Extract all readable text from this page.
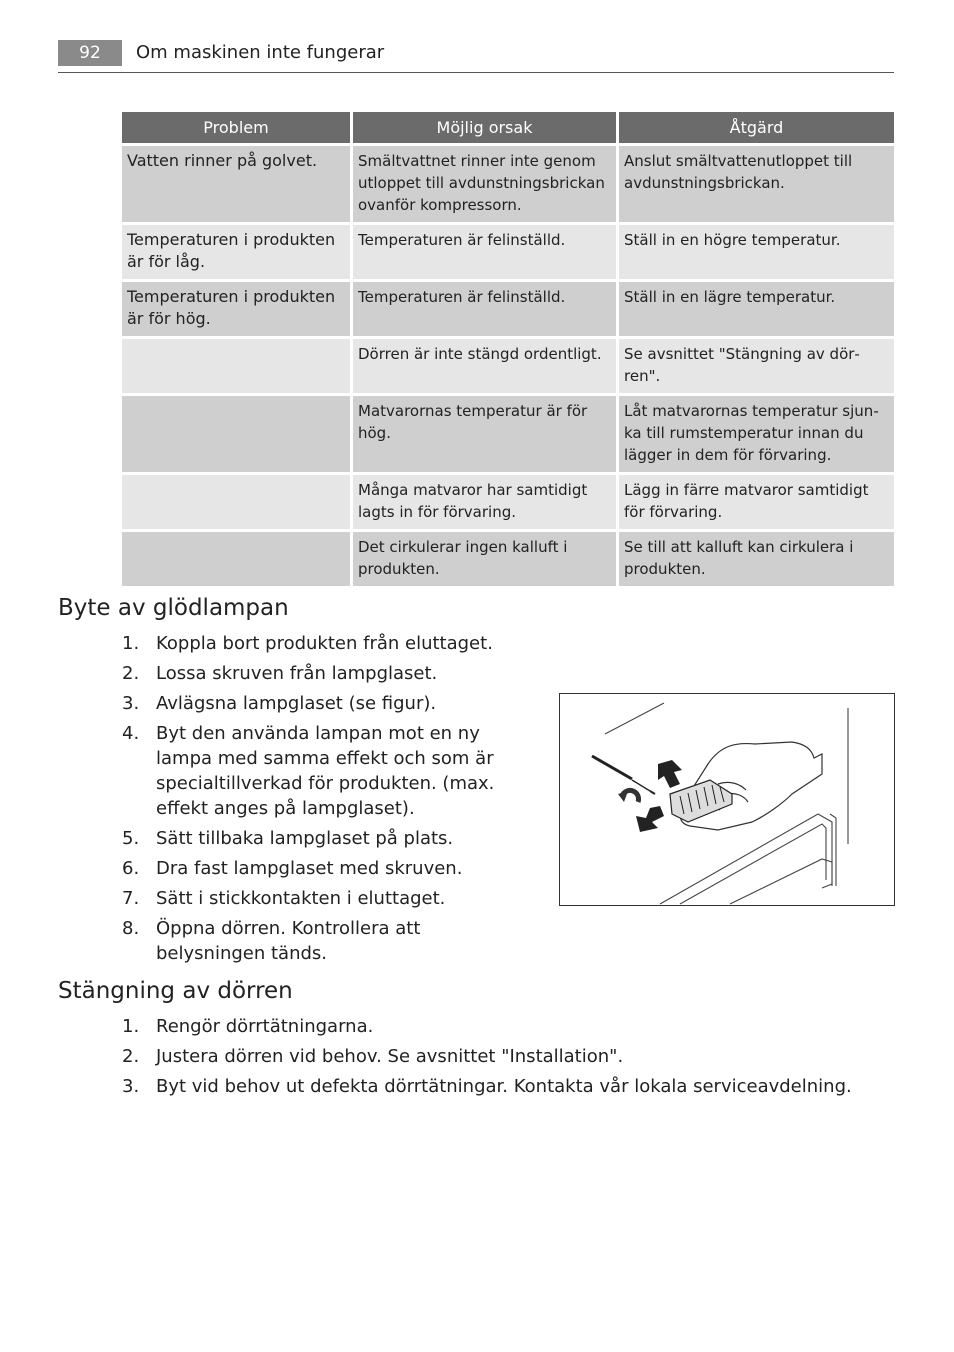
92	Om maskinen inte fungerar
Problem	Möjlig orsak	Åtgärd
Vatten rinner på golvet.	Smältvattnet rinner inte genom utloppet till avdunstningsbrickan ovanför kompressorn.	Anslut smältvattenutloppet till avdunstningsbrickan.
Temperaturen i produkten är för låg.	Temperaturen är felinställd.	Ställ in en högre temperatur.
Temperaturen i produkten är för hög.	Temperaturen är felinställd.	Ställ in en lägre temperatur.
	Dörren är inte stängd ordentligt.	Se avsnittet "Stängning av dörren".
	Matvarornas temperatur är för hög.	Låt matvarornas temperatur sjunka till rumstemperatur innan du lägger in dem för förvaring.
	Många matvaror har samtidigt lagts in för förvaring.	Lägg in färre matvaror samtidigt för förvaring.
	Det cirkulerar ingen kalluft i produkten.	Se till att kalluft kan cirkulera i produkten.
Byte av glödlampan
1. Koppla bort produkten från eluttaget.
2. Lossa skruven från lampglaset.
3. Avlägsna lampglaset (se figur).
4. Byt den använda lampan mot en ny lampa med samma effekt och som är specialtillverkad för produkten. (max. effekt anges på lampglaset).
5. Sätt tillbaka lampglaset på plats.
6. Dra fast lampglaset med skruven.
7. Sätt i stickkontakten i eluttaget.
8. Öppna dörren. Kontrollera att belysningen tänds.
Stängning av dörren
1. Rengör dörrtätningarna.
2. Justera dörren vid behov. Se avsnittet "Installation".
3. Byt vid behov ut defekta dörrtätningar. Kontakta vår lokala serviceavdelning.
